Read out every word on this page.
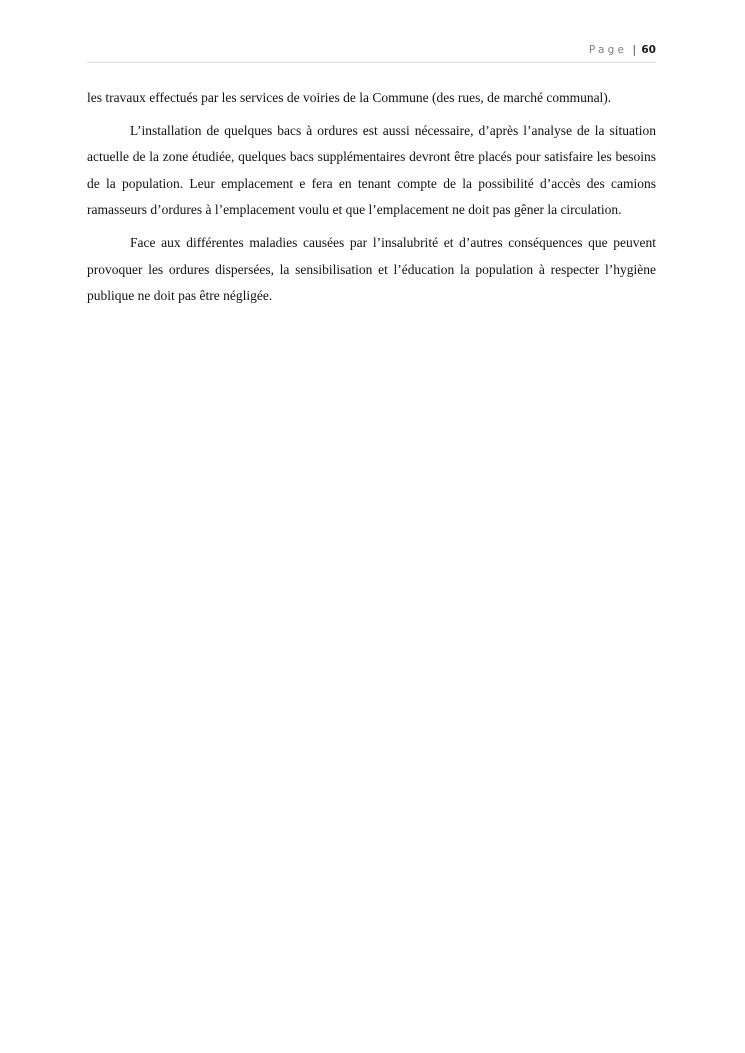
Page | 60

les travaux effectués par les services de voiries de la Commune (des rues, de marché communal).

L’installation de quelques bacs à ordures est aussi nécessaire, d’après l’analyse de la situation actuelle de la zone étudiée, quelques bacs supplémentaires devront être placés pour satisfaire les besoins de la population. Leur emplacement e fera en tenant compte de la possibilité d’accès des camions ramasseurs d’ordures à l’emplacement voulu et que l’emplacement ne doit pas gêner la circulation.

Face aux différentes maladies causées par l’insalubrité et d’autres conséquences que peuvent provoquer les ordures dispersées, la sensibilisation et l’éducation la population à respecter l’hygiène publique ne doit pas être négligée.
